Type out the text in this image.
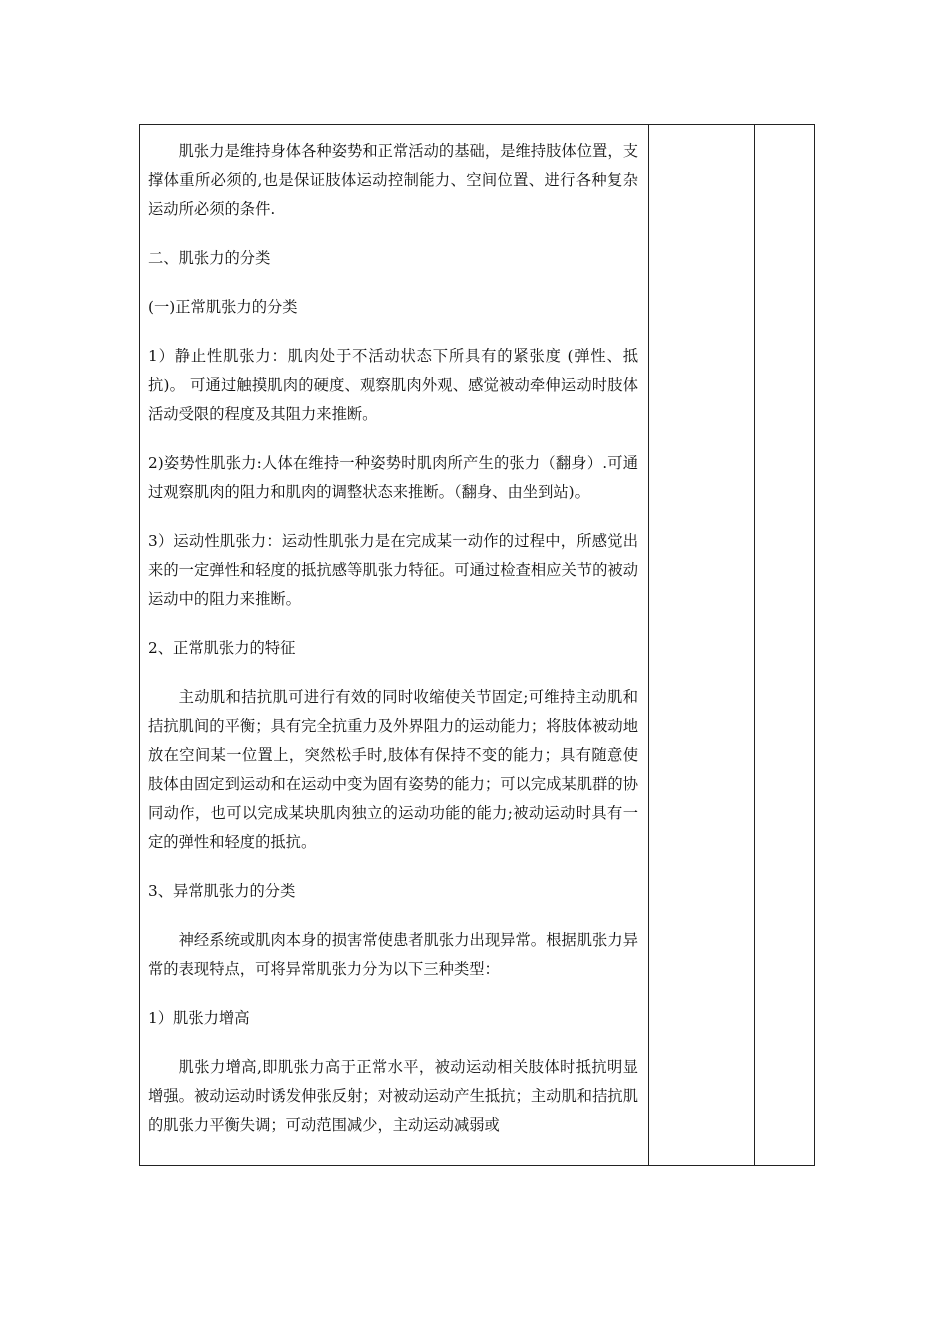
肌张力是维持身体各种姿势和正常活动的基础，是维持肢体位置，支撑体重所必须的,也是保证肢体运动控制能力、空间位置、进行各种复杂运动所必须的条件.

二、肌张力的分类

(一)正常肌张力的分类

1）静止性肌张力：肌肉处于不活动状态下所具有的紧张度 (弹性、抵抗)。 可通过触摸肌肉的硬度、观察肌肉外观、感觉被动牵伸运动时肢体活动受限的程度及其阻力来推断。

2)姿势性肌张力:人体在维持一种姿势时肌肉所产生的张力（翻身）.可通过观察肌肉的阻力和肌肉的调整状态来推断。（翻身、由坐到站)。

3）运动性肌张力：运动性肌张力是在完成某一动作的过程中，所感觉出来的一定弹性和轻度的抵抗感等肌张力特征。可通过检查相应关节的被动运动中的阻力来推断。

2、正常肌张力的特征

主动肌和拮抗肌可进行有效的同时收缩使关节固定;可维持主动肌和拮抗肌间的平衡；具有完全抗重力及外界阻力的运动能力；将肢体被动地放在空间某一位置上，突然松手时,肢体有保持不变的能力；具有随意使肢体由固定到运动和在运动中变为固有姿势的能力；可以完成某肌群的协同动作，也可以完成某块肌肉独立的运动功能的能力;被动运动时具有一定的弹性和轻度的抵抗。

3、异常肌张力的分类

神经系统或肌肉本身的损害常使患者肌张力出现异常。根据肌张力异常的表现特点，可将异常肌张力分为以下三种类型：

1）肌张力增高

肌张力增高,即肌张力高于正常水平，被动运动相关肢体时抵抗明显增强。被动运动时诱发伸张反射；对被动运动产生抵抗；主动肌和拮抗肌的肌张力平衡失调；可动范围减少，主动运动减弱或
